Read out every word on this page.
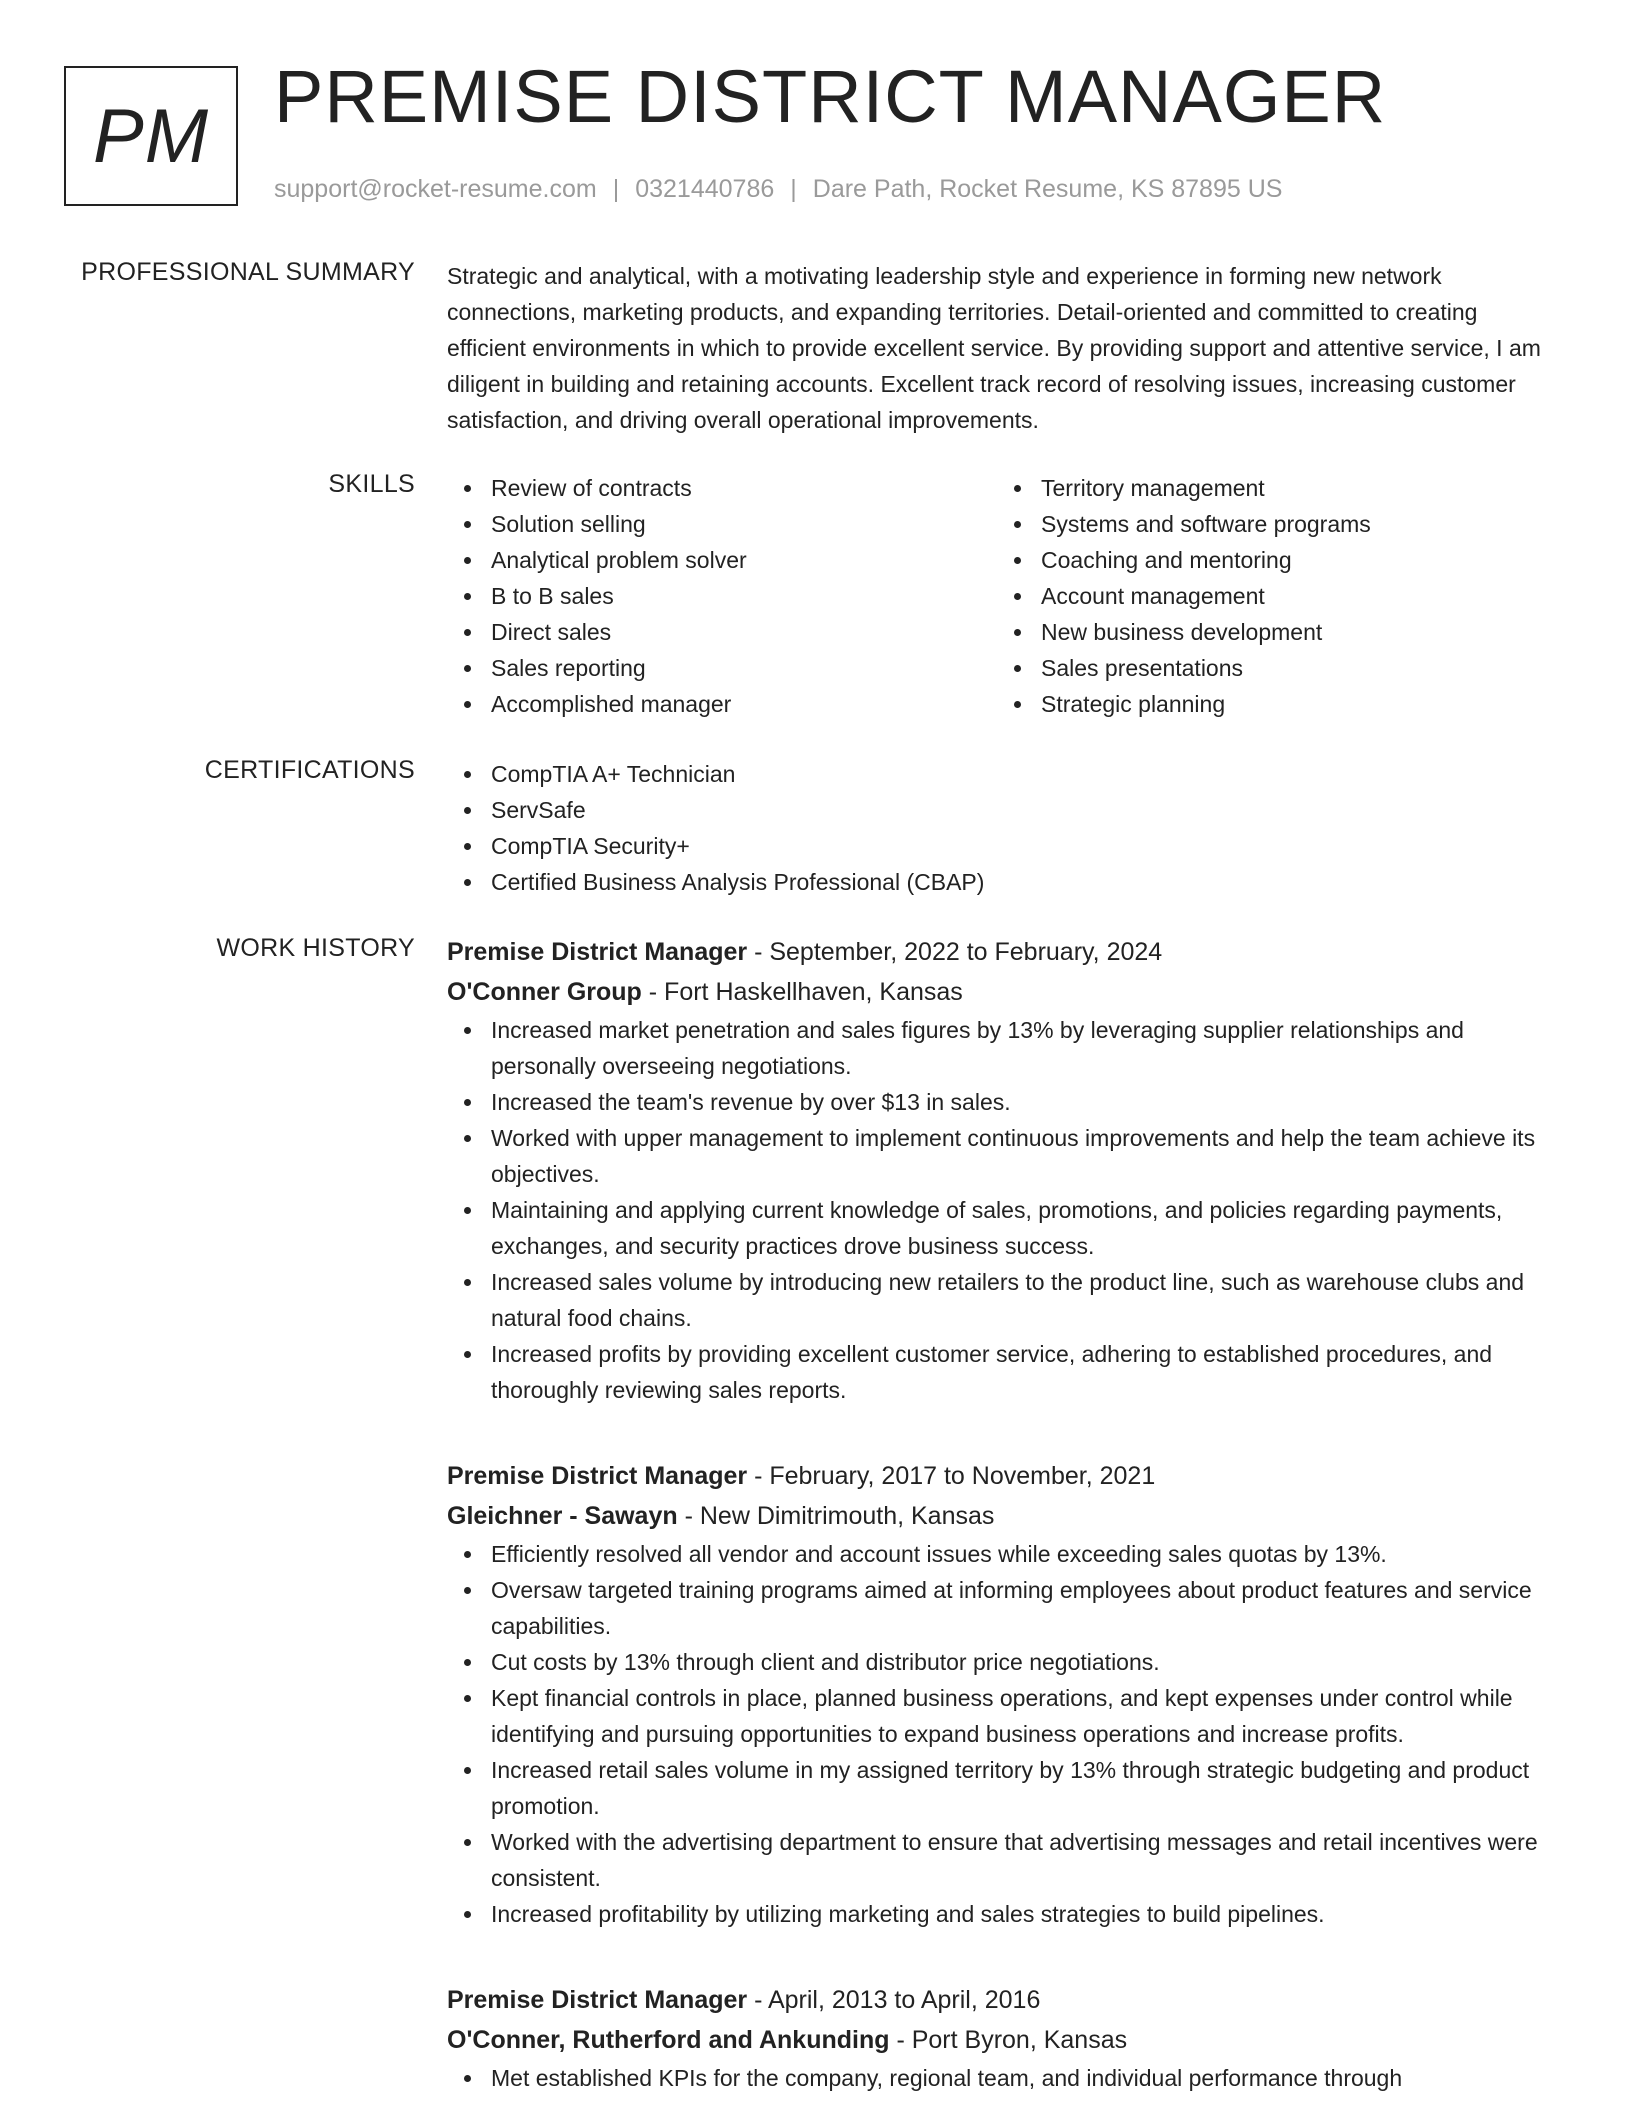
PM PREMISE DISTRICT MANAGER
support@rocket-resume.com | 0321440786 | Dare Path, Rocket Resume, KS 87895 US
PROFESSIONAL SUMMARY Strategic and analytical, with a motivating leadership style and experience in forming new network connections, marketing products, and expanding territories. Detail-oriented and committed to creating efficient environments in which to provide excellent service. By providing support and attentive service, I am diligent in building and retaining accounts. Excellent track record of resolving issues, increasing customer satisfaction, and driving overall operational improvements.
SKILLS	Review of contracts
Solution selling
Analytical problem solver
B to B sales
Direct sales
Sales reporting
Accomplished manager
Territory management
Systems and software programs
Coaching and mentoring
Account management
New business development
Sales presentations
Strategic planning
CERTIFICATIONS	CompTIA A+ Technician
ServSafe
CompTIA Security+
Certified Business Analysis Professional (CBAP)
WORK HISTORY Premise District Manager - September, 2022 to February, 2024
O'Conner Group - Fort Haskellhaven, Kansas
Increased market penetration and sales figures by 13% by leveraging supplier relationships and personally overseeing negotiations.
Increased the team's revenue by over $13 in sales.
Worked with upper management to implement continuous improvements and help the team achieve its objectives.
Maintaining and applying current knowledge of sales, promotions, and policies regarding payments, exchanges, and security practices drove business success.
Increased sales volume by introducing new retailers to the product line, such as warehouse clubs and natural food chains.
Increased profits by providing excellent customer service, adhering to established procedures, and thoroughly reviewing sales reports.
Premise District Manager - February, 2017 to November, 2021
Gleichner - Sawayn - New Dimitrimouth, Kansas
Efficiently resolved all vendor and account issues while exceeding sales quotas by 13%.
Oversaw targeted training programs aimed at informing employees about product features and service capabilities.
Cut costs by 13% through client and distributor price negotiations.
Kept financial controls in place, planned business operations, and kept expenses under control while identifying and pursuing opportunities to expand business operations and increase profits.
Increased retail sales volume in my assigned territory by 13% through strategic budgeting and product promotion.
Worked with the advertising department to ensure that advertising messages and retail incentives were consistent.
Increased profitability by utilizing marketing and sales strategies to build pipelines.
Premise District Manager - April, 2013 to April, 2016
O'Conner, Rutherford and Ankunding - Port Byron, Kansas
Met established KPIs for the company, regional team, and individual performance through
